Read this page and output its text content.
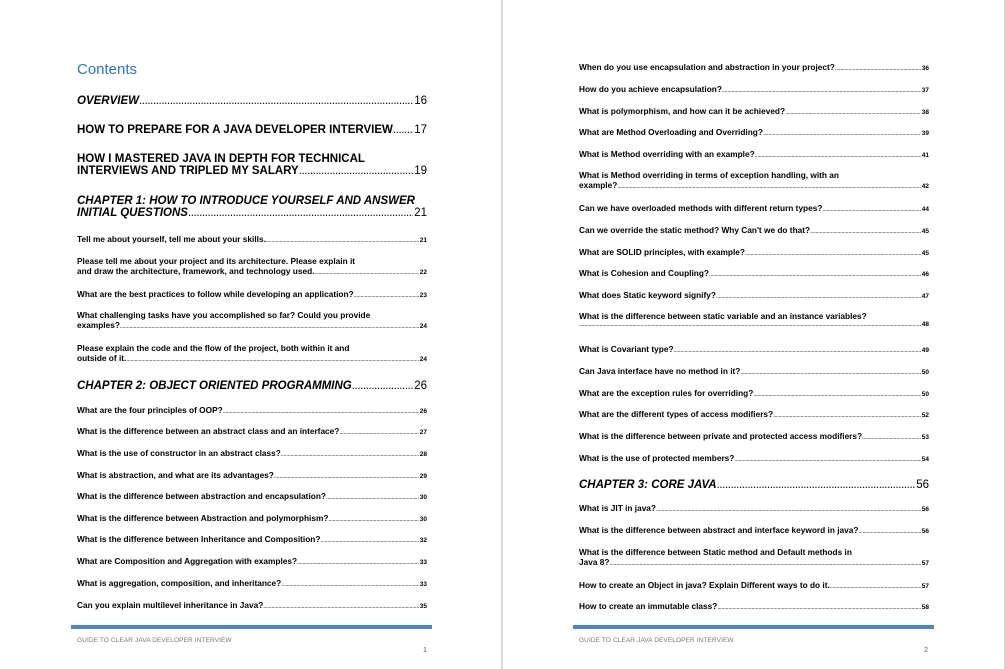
Contents
OVERVIEW .....	16
HOW TO PREPARE FOR A JAVA DEVELOPER INTERVIEW ..... 17
HOW I MASTERED JAVA IN DEPTH FOR TECHNICAL
INTERVIEWS AND TRIPLED MY SALARY .....	19
CHAPTER 1: HOW TO INTRODUCE YOURSELF AND ANSWER
INITIAL QUESTIONS .....	21
Tell me about yourself, tell me about your skills. .....	21
Please tell me about your project and its architecture. Please explain it
and draw the architecture, framework, and technology used. .....	22
What are the best practices to follow while developing an application? .....	23
What challenging tasks have you accomplished so far? Could you provide
examples? .....	24
Please explain the code and the flow of the project, both within it and
outside of it. .....	24
CHAPTER 2: OBJECT ORIENTED PROGRAMMING .....	26
What are the four principles of OOP? .....	26
What is the difference between an abstract class and an interface? .....	27
What is the use of constructor in an abstract class? .....	28
What is abstraction, and what are its advantages? .....	29
What is the difference between abstraction and encapsulation? .....	30
What is the difference between Abstraction and polymorphism? .....	30
What is the difference between Inheritance and Composition? .....	32
What are Composition and Aggregation with examples? .....	33
What is aggregation, composition, and inheritance? .....	33
Can you explain multilevel inheritance in Java? .....	35
GUIDE TO CLEAR JAVA DEVELOPER INTERVIEW
1
When do you use encapsulation and abstraction in your project? .....	36
How do you achieve encapsulation? .....	37
What is polymorphism, and how can it be achieved? .....	38
What are Method Overloading and Overriding? .....	39
What is Method overriding with an example? .....	41
What is Method overriding in terms of exception handling, with an
example? .....	42
Can we have overloaded methods with different return types? .....	44
Can we override the static method? Why Can't we do that? .....	45
What are SOLID principles, with example? .....	45
What is Cohesion and Coupling? .....	46
What does Static keyword signify? .....	47
What is the difference between static variable and an instance variables?
.....
48
What is Covariant type? .....	49
Can Java interface have no method in it? .....	50
What are the exception rules for overriding? .....	50
What are the different types of access modifiers? .....	52
What is the difference between private and protected access modifiers? .....	53
What is the use of protected members? .....	54
CHAPTER 3: CORE JAVA .....	56
What is JIT in java? .....	56
What is the difference between abstract and interface keyword in java? .....	56
What is the difference between Static method and Default methods in
Java 8? .....	57
How to create an Object in java? Explain Different ways to do it. .....	57
How to create an immutable class? .....	58
GUIDE TO CLEAR JAVA DEVELOPER INTERVIEW
2
